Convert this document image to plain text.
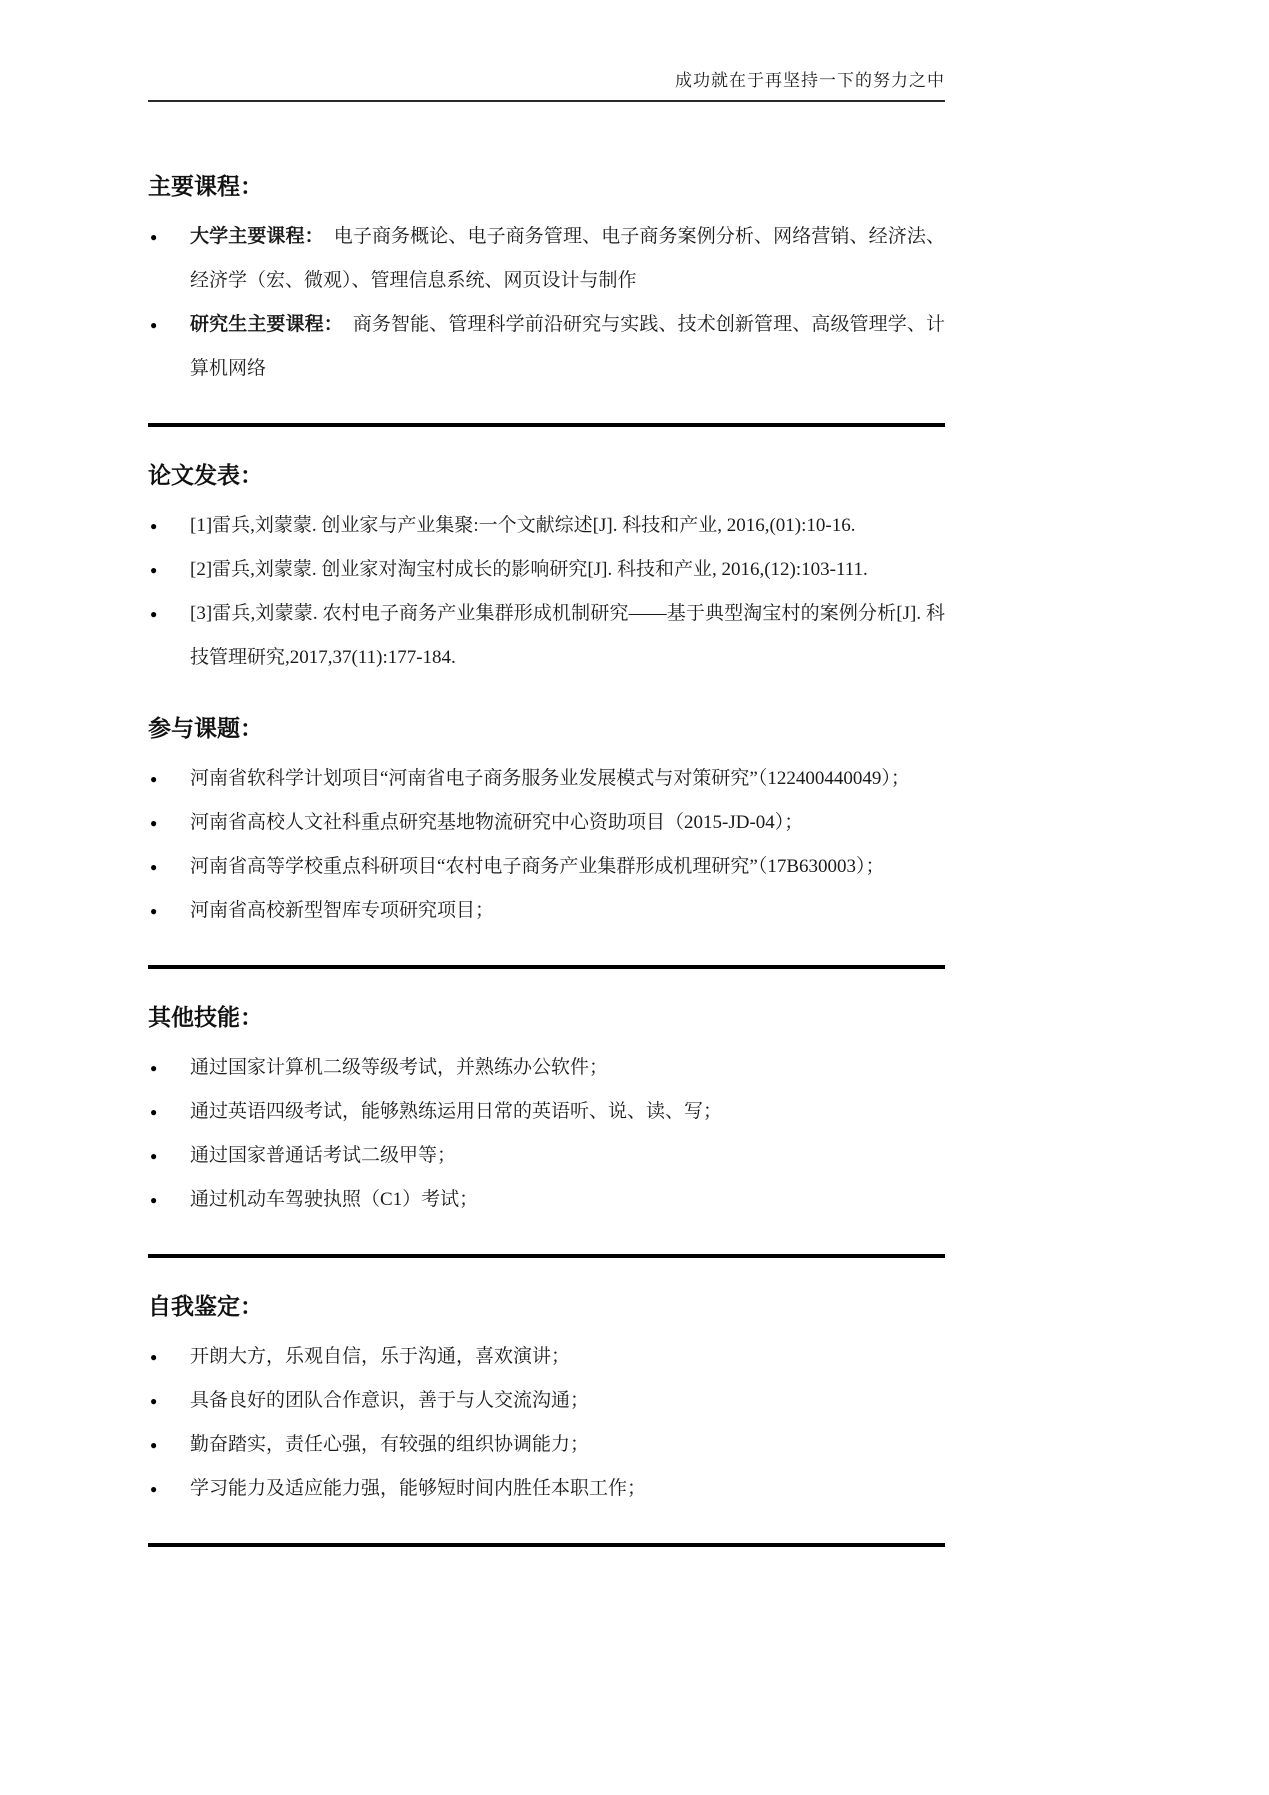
成功就在于再坚持一下的努力之中
主要课程：
● 大学主要课程： 电子商务概论、电子商务管理、电子商务案例分析、网络营销、经济法、经济学（宏、微观）、管理信息系统、网页设计与制作
● 研究生主要课程： 商务智能、管理科学前沿研究与实践、技术创新管理、高级管理学、计算机网络
论文发表：
● [1]雷兵,刘蒙蒙. 创业家与产业集聚:一个文献综述[J]. 科技和产业, 2016,(01):10-16.
● [2]雷兵,刘蒙蒙. 创业家对淘宝村成长的影响研究[J]. 科技和产业, 2016,(12):103-111.
● [3]雷兵,刘蒙蒙. 农村电子商务产业集群形成机制研究——基于典型淘宝村的案例分析[J]. 科技管理研究,2017,37(11):177-184.
参与课题：
● 河南省软科学计划项目“河南省电子商务服务业发展模式与对策研究”（122400440049）；
● 河南省高校人文社科重点研究基地物流研究中心资助项目（2015-JD-04）；
● 河南省高等学校重点科研项目“农村电子商务产业集群形成机理研究”（17B630003）；
● 河南省高校新型智库专项研究项目；
其他技能：
● 通过国家计算机二级等级考试，并熟练办公软件；
● 通过英语四级考试，能够熟练运用日常的英语听、说、读、写；
● 通过国家普通话考试二级甲等；
● 通过机动车驾驶执照（C1）考试；
自我鉴定：
● 开朗大方，乐观自信，乐于沟通，喜欢演讲；
● 具备良好的团队合作意识，善于与人交流沟通；
● 勤奋踏实，责任心强，有较强的组织协调能力；
● 学习能力及适应能力强，能够短时间内胜任本职工作；
